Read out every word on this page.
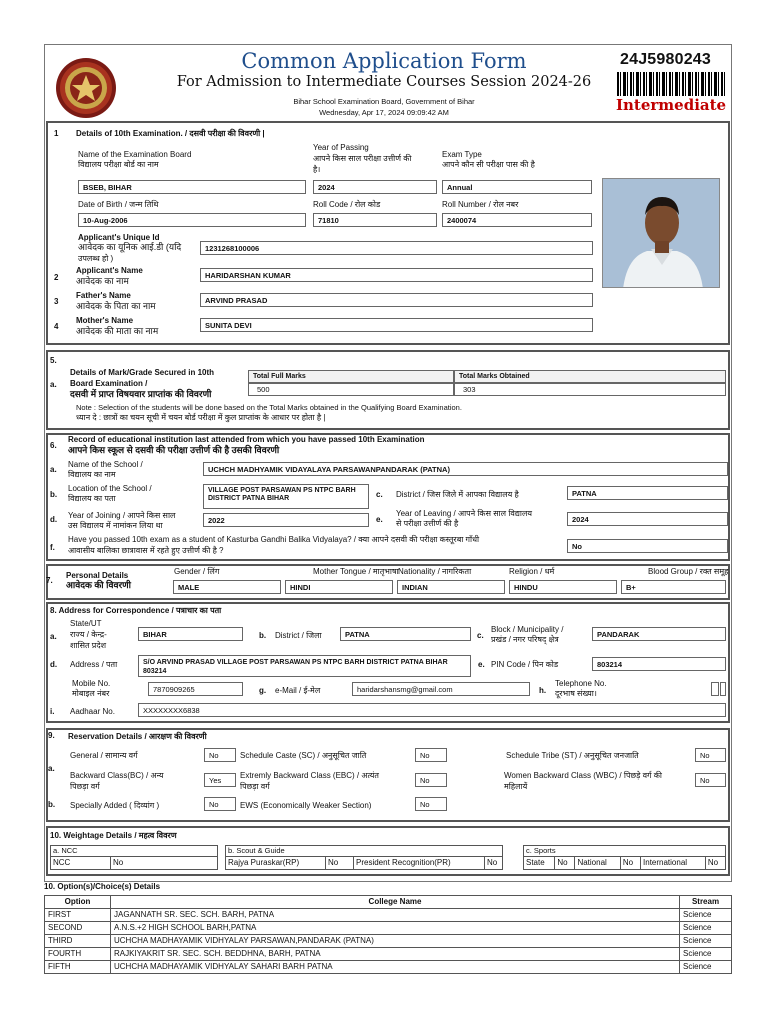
Common Application Form
For Admission to Intermediate Courses Session 2024-26
Bihar School Examination Board, Government of Bihar
Wednesday, Apr 17, 2024 09:09:42 AM
24J5980243
Intermediate
1 Details of 10th Examination. / दसवी परीक्षा की विवरणी |
Name of the Examination Board
विद्यालय परीक्षा बोर्ड का नाम
Year of Passing
आपने किस साल परीक्षा उत्तीर्ण की
है।
Exam Type
आपने कौन सी परीक्षा पास की है
BSEB, BIHAR	2024	Annual
Date of Birth / जन्म तिथि	Roll Code / रोल कोड	Roll Number / रोल नबर
10-Aug-2006	71810	2400074
Applicant's Unique Id
आवेदक का यूनिक आई.डी (यदि
उपलब्ध हो )
1231268100006
2
Applicant's Name
आवेदक का नाम
HARIDARSHAN KUMAR
3
Father's Name
आवेदक के पिता का नाम
ARVIND PRASAD
4
Mother's Name
आवेदक की माता का नाम
SUNITA DEVI
5.
a.
Details of Mark/Grade Secured in 10th
Board Examination /
दसवी में प्राप्त विषयवार प्राप्तांक की विवरणी
Total Full Marks	Total Marks Obtained
500	303
Note : Selection of the students will be done based on the Total Marks obtained in the Qualifying Board Examination.
ध्यान दे : छात्रों का चयन सूची में चयन बोर्ड परीक्षा में कुल प्राप्तांक के आधार पर होता है |
6.
Record of educational institution last attended from which you have passed 10th Examination
आपने किस स्कूल से दसवी की परीक्षा उत्तीर्ण की है उसकी विवरणी
a.
Name of the School /
विद्यालय का नाम
UCHCH MADHYAMIK VIDAYALAYA PARSAWANPANDARAK (PATNA)
b.
Location of the School /
विद्यालय का पता
VILLAGE POST PARSAWAN PS NTPC BARH DISTRICT PATNA BIHAR	c. District / जिस जिले में आपका विद्यालय है	PATNA
d. Year of Joining / आपने किस साल
उस विद्यालय में नामांकन लिया था
2022	e.
Year of Leaving / आपने किस साल विद्यालय
से परीक्षा उत्तीर्ण की है	2024
f.
Have you passed 10th exam as a student of Kasturba Gandhi Balika Vidyalaya? / क्या आपने दसवी की परीक्षा कस्तूरबा गाँधी
आवासीय बालिका छात्रावास में रहते हुए उत्तीर्ण की है ?	No
7.
Personal Details
आवेदक की विवरणी
Gender / लिंग
MALE
Mother Tongue / मातृभाषा
HINDI
Nationality / नागरिकता
INDIAN
Religion / धर्म
HINDU
Blood Group / रक्त समूह
B+
8. Address for Correspondence / पत्राचार का पता
a.
State/UT
राज्य / केन्द्र-
शासित प्रदेश
BIHAR	b. District / जिला	PATNA	c.
Block / Municipality /
प्रखंड / नगर परिषद् क्षेत्र
PANDARAK
d. Address / पता	S/O ARVIND PRASAD VILLAGE POST PARSAWAN PS NTPC BARH DISTRICT PATNA BIHAR 803214
e. PIN Code / पिन कोड	803214
Mobile No.
मोबाइल नंबर	7870909265	g. e-Mail / ई-मेल	haridarshansmg@gmail.com	h.
Telephone No.
दूरभाष संख्या।
i. Aadhaar No.	XXXXXXXX6838
9. Reservation Details / आरक्षण की विवरणी
a.
General / सामान्य वर्ग	No	Schedule Caste (SC) / अनुसूचित जाति	No	Schedule Tribe (ST) / अनुसूचित जनजाति	No
Backward Class(BC) / अन्य
पिछड़ा वर्ग
Yes
Extremly Backward Class (EBC) / अत्यंत
पिछड़ा वर्ग
No
Women Backward Class (WBC) / पिछड़े वर्ग की
महिलायें
No
b. Specially Added ( दिव्यांग )	No	EWS (Economically Weaker Section)	No
10. Weightage Details / महत्व विवरण
a. NCC
NCC	No
b. Scout & Guide
Rajya Puraskar(RP)	No	President Recognition(PR)	No
c. Sports
State	No	National	No	International	No
10. Option(s)/Choice(s) Details
Option	College Name	Stream
FIRST	JAGANNATH SR. SEC. SCH. BARH, PATNA	Science
SECOND	A.N.S.+2 HIGH SCHOOL BARH,PATNA	Science
THIRD	UCHCHA MADHAYAMIK VIDHYALAY PARSAWAN,PANDARAK (PATNA)	Science
FOURTH	RAJKIYAKRIT SR. SEC. SCH. BEDDHNA, BARH, PATNA	Science
FIFTH	UCHCHA MADHAYAMIK VIDHYALAY SAHARI BARH PATNA	Science
